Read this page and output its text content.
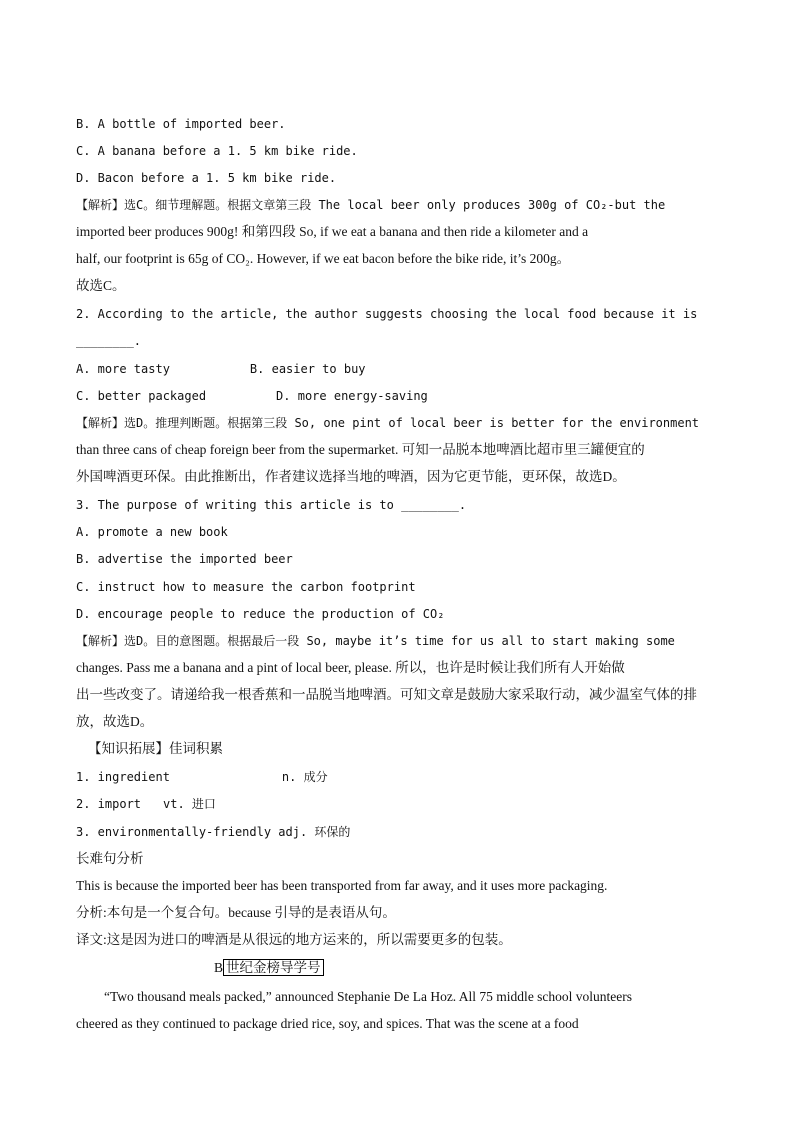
B. A bottle of imported beer.
C. A banana before a 1. 5 km bike ride.
D. Bacon before a 1. 5 km bike ride.
【解析】选C。细节理解题。根据文章第三段 The local beer only produces 300g of CO₂-but the
imported beer produces 900g! 和第四段 So, if we eat a banana and then ride a kilometer and a
half, our footprint is 65g of CO₂. However, if we eat bacon before the bike ride, it’s 200g。
故选C。
2. According to the article, the author suggests choosing the local food because it is
________.
A. more tasty	B. easier to buy
C. better packaged	D. more energy-saving
【解析】选D。推理判断题。根据第三段 So, one pint of local beer is better for the environment
than three cans of cheap foreign beer from the supermarket. 可知一品脱本地啤酒比超市里三罐便宜的
外国啤酒更环保。由此推断出，作者建议选择当地的啤酒，因为它更节能，更环保，故选D。
3. The purpose of writing this article is to ________.
A. promote a new book
B. advertise the imported beer
C. instruct how to measure the carbon footprint
D. encourage people to reduce the production of CO₂
【解析】选D。目的意图题。根据最后一段 So, maybe it’s time for us all to start making some
changes. Pass me a banana and a pint of local beer, please. 所以，也许是时候让我们所有人开始做
出一些改变了。请递给我一根香蕉和一品脱当地啤酒。可知文章是鼓励大家采取行动，减少温室气体的排
放，故选D。
【知识拓展】佳词积累
1. ingredient	n. 成分
2. import vt. 进口
3. environmentally-friendly adj. 环保的
长难句分析
This is because the imported beer has been transported from far away, and it uses more packaging.
分析:本句是一个复合句。because 引导的是表语从句。
译文:这是因为进口的啤酒是从很远的地方运来的，所以需要更多的包装。
B 世纪金榜导学号
“Two thousand meals packed,” announced Stephanie De La Hoz. All 75 middle school volunteers
cheered as they continued to package dried rice, soy, and spices. That was the scene at a food
